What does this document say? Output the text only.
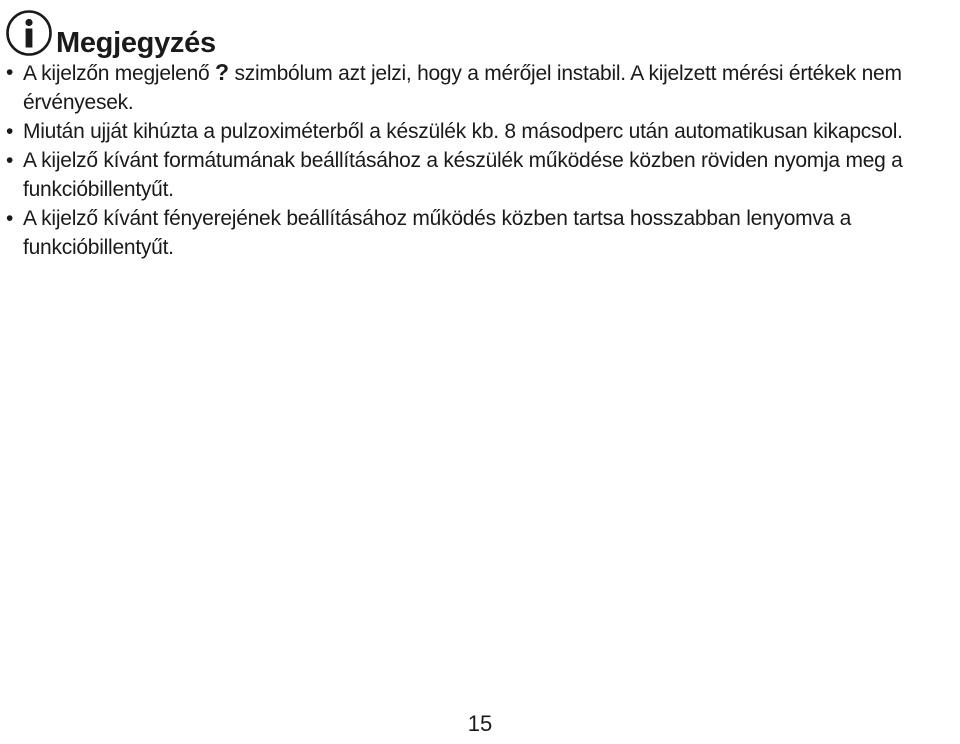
Megjegyzés
• A kijelzőn megjelenő ? szimbólum azt jelzi, hogy a mérőjel instabil. A kijelzett mérési értékek nem érvényesek.
• Miután ujját kihúzta a pulzoximéterből a készülék kb. 8 másodperc után automatikusan kikapcsol.
• A kijelző kívánt formátumának beállításához a készülék működése közben röviden nyomja meg a funkcióbillentyűt.
• A kijelző kívánt fényerejének beállításához működés közben tartsa hosszabban lenyomva a funkcióbillentyűt.
15
